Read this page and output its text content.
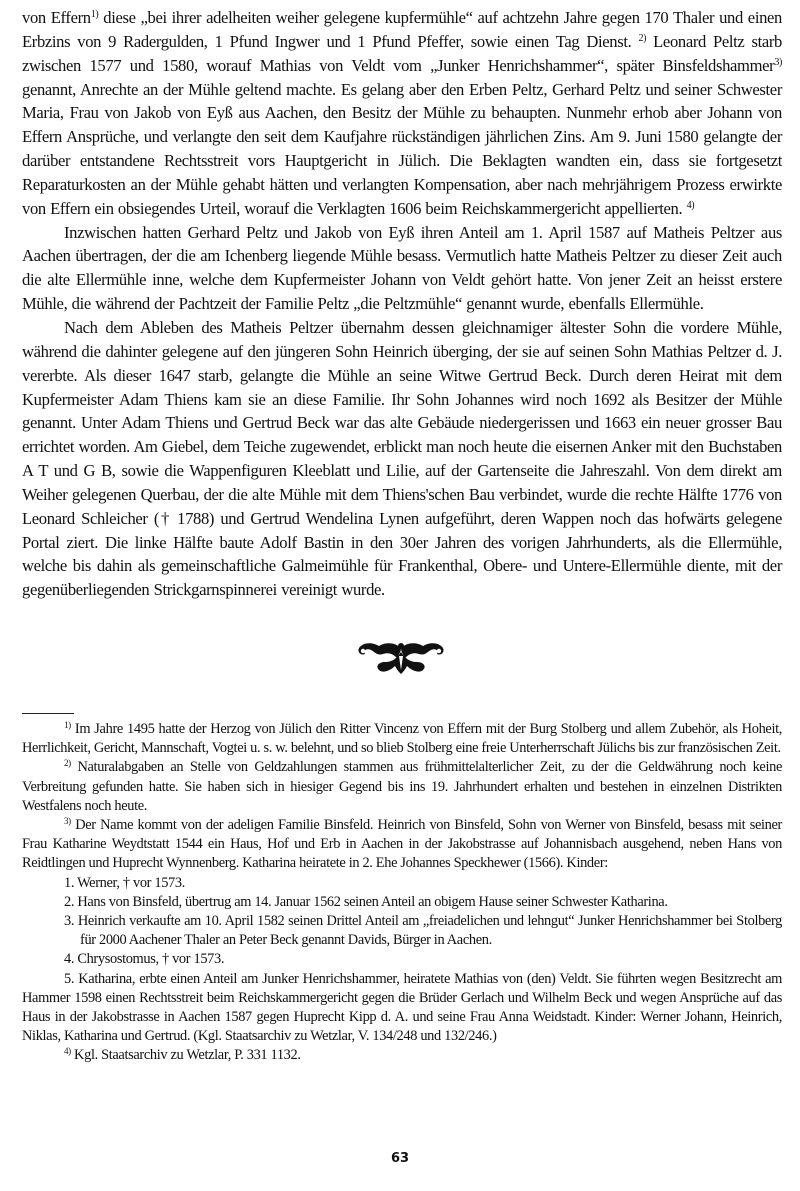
von Effern$^{1)}$ diese „bei ihrer adelheiten weiher gelegene kupfermühle“ auf achtzehn Jahre gegen 170 Thaler und einen Erbzins von 9 Radergulden, 1 Pfund Ingwer und 1 Pfund Pfeffer, sowie einen Tag Dienst. $^{2)}$ Leonard Peltz starb zwischen 1577 und 1580, worauf Mathias von Veldt vom „Junker Henrichshammer“, später Binsfeldshammer$^{3)}$ genannt, Anrechte an der Mühle geltend machte. Es gelang aber den Erben Peltz, Gerhard Peltz und seiner Schwester Maria, Frau von Jakob von Eyß aus Aachen, den Besitz der Mühle zu behaupten. Nunmehr erhob aber Johann von Effern Ansprüche, und verlangte den seit dem Kaufjahre rückständigen jährlichen Zins. Am 9. Juni 1580 gelangte der darüber entstandene Rechtsstreit vors Hauptgericht in Jülich. Die Beklagten wandten ein, dass sie fortgesetzt Reparaturkosten an der Mühle gehabt hätten und verlangten Kompensation, aber nach mehrjährigem Prozess erwirkte von Effern ein obsiegendes Urteil, worauf die Verklagten 1606 beim Reichskammergericht appellierten. $^{4)}$

Inzwischen hatten Gerhard Peltz und Jakob von Eyß ihren Anteil am 1. April 1587 auf Matheis Peltzer aus Aachen übertragen, der die am Ichenberg liegende Mühle besass. Vermutlich hatte Matheis Peltzer zu dieser Zeit auch die alte Ellermühle inne, welche dem Kupfermeister Johann von Veldt gehört hatte. Von jener Zeit an heisst erstere Mühle, die während der Pachtzeit der Familie Peltz „die Peltzmühle“ genannt wurde, ebenfalls Ellermühle.

Nach dem Ableben des Matheis Peltzer übernahm dessen gleichnamiger ältester Sohn die vordere Mühle, während die dahinter gelegene auf den jüngeren Sohn Heinrich überging, der sie auf seinen Sohn Mathias Peltzer d. J. vererbte. Als dieser 1647 starb, gelangte die Mühle an seine Witwe Gertrud Beck. Durch deren Heirat mit dem Kupfermeister Adam Thiens kam sie an diese Familie. Ihr Sohn Johannes wird noch 1692 als Besitzer der Mühle genannt. Unter Adam Thiens und Gertrud Beck war das alte Gebäude niedergerissen und 1663 ein neuer grosser Bau errichtet worden. Am Giebel, dem Teiche zugewendet, erblickt man noch heute die eisernen Anker mit den Buchstaben A T und G B, sowie die Wappenfiguren Kleeblatt und Lilie, auf der Gartenseite die Jahreszahl. Von dem direkt am Weiher gelegenen Querbau, der die alte Mühle mit dem Thiens'schen Bau verbindet, wurde die rechte Hälfte 1776 von Leonard Schleicher († 1788) und Gertrud Wendelina Lynen aufgeführt, deren Wappen noch das hofwärts gelegene Portal ziert. Die linke Hälfte baute Adolf Bastin in den 30er Jahren des vorigen Jahrhunderts, als die Ellermühle, welche bis dahin als gemeinschaftliche Galmeimühle für Frankenthal, Obere- und Untere-Ellermühle diente, mit der gegenüberliegenden Strickgarnspinnerei vereinigt wurde.

$^{1)}$ Im Jahre 1495 hatte der Herzog von Jülich den Ritter Vincenz von Effern mit der Burg Stolberg und allem Zubehör, als Hoheit, Herrlichkeit, Gericht, Mannschaft, Vogtei u. s. w. belehnt, und so blieb Stolberg eine freie Unterherrschaft Jülichs bis zur französischen Zeit.

$^{2)}$ Naturalabgaben an Stelle von Geldzahlungen stammen aus frühmittelalterlicher Zeit, zu der die Geldwährung noch keine Verbreitung gefunden hatte. Sie haben sich in hiesiger Gegend bis ins 19. Jahrhundert erhalten und bestehen in einzelnen Distrikten Westfalens noch heute.

$^{3)}$ Der Name kommt von der adeligen Familie Binsfeld. Heinrich von Binsfeld, Sohn von Werner von Binsfeld, besass mit seiner Frau Katharine Weydtstatt 1544 ein Haus, Hof und Erb in Aachen in der Jakobstrasse auf Johannisbach ausgehend, neben Hans von Reidtlingen und Huprecht Wynnenberg. Katharina heiratete in 2. Ehe Johannes Speckhewer (1566). Kinder:

1. Werner, † vor 1573.

2. Hans von Binsfeld, übertrug am 14. Januar 1562 seinen Anteil an obigem Hause seiner Schwester Katharina.

3. Heinrich verkaufte am 10. April 1582 seinen Drittel Anteil am „freiadelichen und lehngut“ Junker Henrichshammer bei Stolberg für 2000 Aachener Thaler an Peter Beck genannt Davids, Bürger in Aachen.

4. Chrysostomus, † vor 1573.

5. Katharina, erbte einen Anteil am Junker Henrichshammer, heiratete Mathias von (den) Veldt. Sie führten wegen Besitzrecht am Hammer 1598 einen Rechtsstreit beim Reichskammergericht gegen die Brüder Gerlach und Wilhelm Beck und wegen Ansprüche auf das Haus in der Jakobstrasse in Aachen 1587 gegen Huprecht Kipp d. A. und seine Frau Anna Weidstadt. Kinder: Werner Johann, Heinrich, Niklas, Katharina und Gertrud. (Kgl. Staatsarchiv zu Wetzlar, V. 134/248 und 132/246.)

$^{4)}$ Kgl. Staatsarchiv zu Wetzlar, P. 331 1132.

63
